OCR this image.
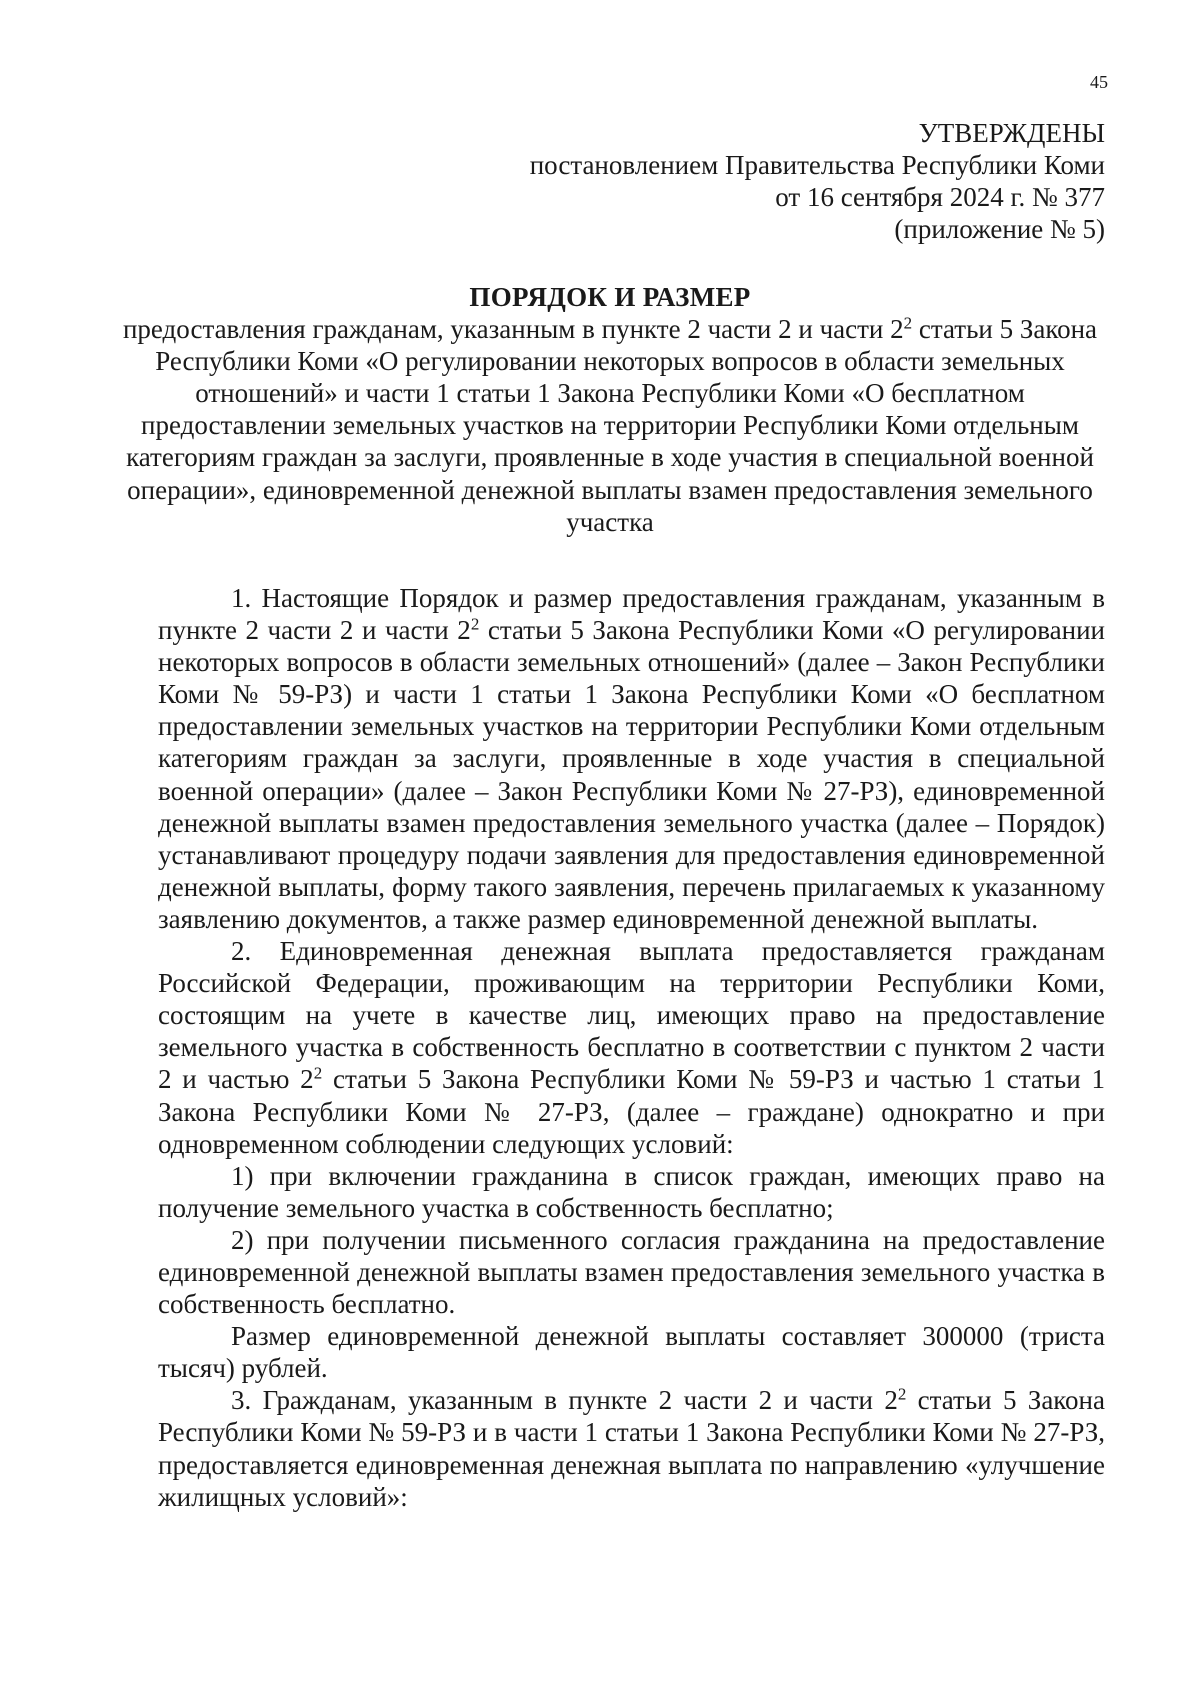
45
УТВЕРЖДЕНЫ
постановлением Правительства Республики Коми
от 16 сентября 2024 г. № 377
(приложение № 5)
ПОРЯДОК И РАЗМЕР
предоставления гражданам, указанным в пункте 2 части 2 и части $2^2$ статьи 5 Закона Республики Коми «О регулировании некоторых вопросов в области земельных отношений» и части 1 статьи 1 Закона Республики Коми «О бесплатном предоставлении земельных участков на территории Республики Коми отдельным категориям граждан за заслуги, проявленные в ходе участия в специальной военной операции», единовременной денежной выплаты взамен предоставления земельного участка

1. Настоящие Порядок и размер предоставления гражданам, указанным в пункте 2 части 2 и части $2^2$ статьи 5 Закона Республики Коми «О регулировании некоторых вопросов в области земельных отношений» (далее – Закон Республики Коми № 59-РЗ) и части 1 статьи 1 Закона Республики Коми «О бесплатном предоставлении земельных участков на территории Республики Коми отдельным категориям граждан за заслуги, проявленные в ходе участия в специальной военной операции» (далее – Закон Республики Коми № 27-РЗ), единовременной денежной выплаты взамен предоставления земельного участка (далее – Порядок) устанавливают процедуру подачи заявления для предоставления единовременной денежной выплаты, форму такого заявления, перечень прилагаемых к указанному заявлению документов, а также размер единовременной денежной выплаты.

2. Единовременная денежная выплата предоставляется гражданам Российской Федерации, проживающим на территории Республики Коми, состоящим на учете в качестве лиц, имеющих право на предоставление земельного участка в собственность бесплатно в соответствии с пунктом 2 части 2 и частью $2^2$ статьи 5 Закона Республики Коми № 59-РЗ и частью 1 статьи 1 Закона Республики Коми № 27-РЗ, (далее – граждане) однократно и при одновременном соблюдении следующих условий:

1) при включении гражданина в список граждан, имеющих право на получение земельного участка в собственность бесплатно;

2) при получении письменного согласия гражданина на предоставление единовременной денежной выплаты взамен предоставления земельного участка в собственность бесплатно.

Размер единовременной денежной выплаты составляет 300000 (триста тысяч) рублей.

3. Гражданам, указанным в пункте 2 части 2 и части $2^2$ статьи 5 Закона Республики Коми № 59-РЗ и в части 1 статьи 1 Закона Республики Коми № 27-РЗ, предоставляется единовременная денежная выплата по направлению «улучшение жилищных условий»:
